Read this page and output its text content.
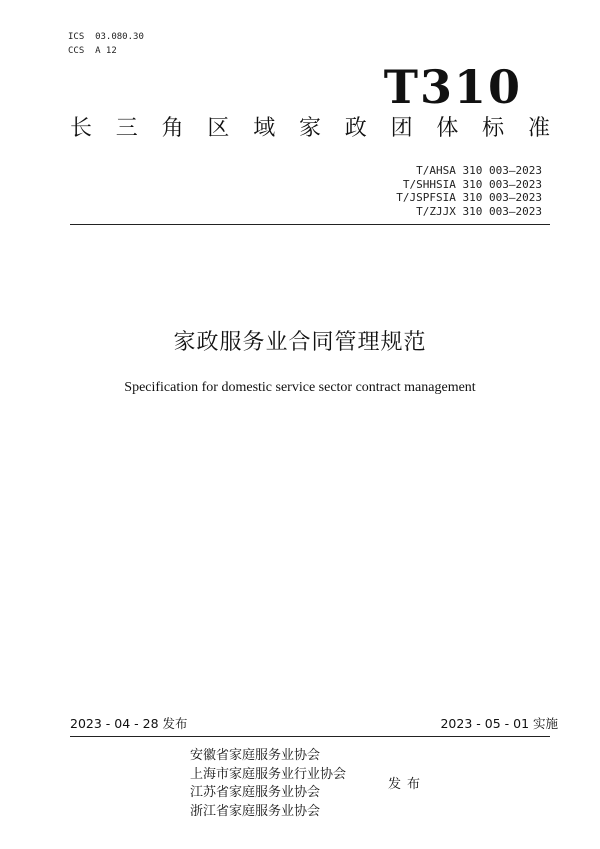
ICS  03.080.30
CCS  A 12
T310
长 三 角 区 域 家 政 团 体 标 准
T/AHSA 310 003—2023
T/SHHSIA 310 003—2023
T/JSPFSIA 310 003—2023
T/ZJJX 310 003—2023
家政服务业合同管理规范
Specification for domestic service sector contract management
2023 - 04 - 28 发布	2023 - 05 - 01 实施
安徽省家庭服务业协会
上海市家庭服务业行业协会
江苏省家庭服务业协会
浙江省家庭服务业协会
发布
